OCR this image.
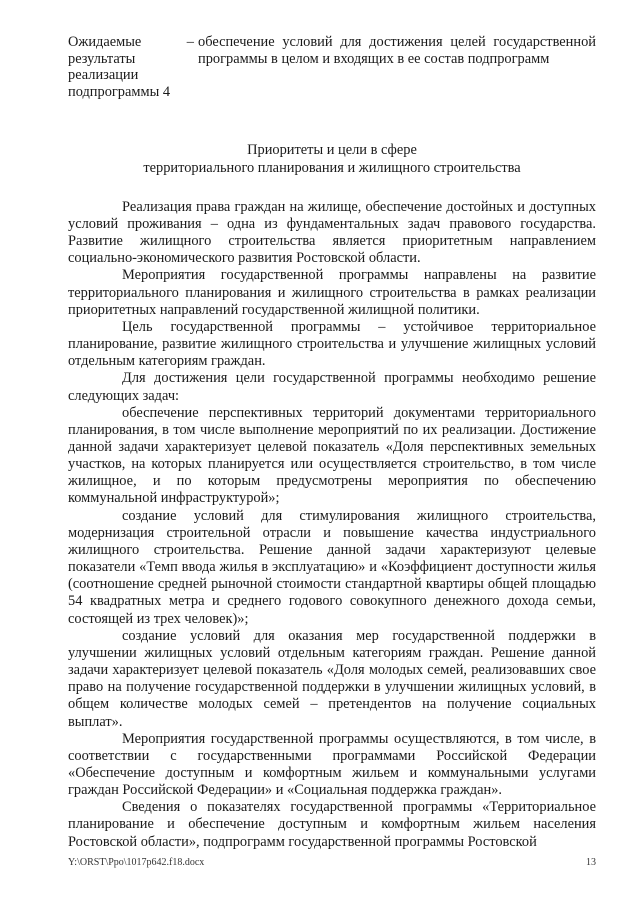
Ожидаемые
результаты
реализации
подпрограммы 4
– обеспечение условий для достижения целей государственной программы в целом и входящих в ее состав подпрограмм
Приоритеты и цели в сфере
территориального планирования и жилищного строительства

Реализация права граждан на жилище, обеспечение достойных и доступных условий проживания – одна из фундаментальных задач правового государства. Развитие жилищного строительства является приоритетным направлением социально-экономического развития Ростовской области.

Мероприятия государственной программы направлены на развитие территориального планирования и жилищного строительства в рамках реализации приоритетных направлений государственной жилищной политики.

Цель государственной программы – устойчивое территориальное планирование, развитие жилищного строительства и улучшение жилищных условий отдельным категориям граждан.

Для достижения цели государственной программы необходимо решение следующих задач:

обеспечение перспективных территорий документами территориального планирования, в том числе выполнение мероприятий по их реализации. Достижение данной задачи характеризует целевой показатель «Доля перспективных земельных участков, на которых планируется или осуществляется строительство, в том числе жилищное, и по которым предусмотрены мероприятия по обеспечению коммунальной инфраструктурой»;

создание условий для стимулирования жилищного строительства, модернизация строительной отрасли и повышение качества индустриального жилищного строительства. Решение данной задачи характеризуют целевые показатели «Темп ввода жилья в эксплуатацию» и «Коэффициент доступности жилья (соотношение средней рыночной стоимости стандартной квартиры общей площадью 54 квадратных метра и среднего годового совокупного денежного дохода семьи, состоящей из трех человек)»;

создание условий для оказания мер государственной поддержки в улучшении жилищных условий отдельным категориям граждан. Решение данной задачи характеризует целевой показатель «Доля молодых семей, реализовавших свое право на получение государственной поддержки в улучшении жилищных условий, в общем количестве молодых семей – претендентов на получение социальных выплат».

Мероприятия государственной программы осуществляются, в том числе, в соответствии с государственными программами Российской Федерации «Обеспечение доступным и комфортным жильем и коммунальными услугами граждан Российской Федерации» и «Социальная поддержка граждан».

Сведения о показателях государственной программы «Территориальное планирование и обеспечение доступным и комфортным жильем населения Ростовской области», подпрограмм государственной программы Ростовской

Y:\ORST\Ppo\1017p642.f18.docx	13
